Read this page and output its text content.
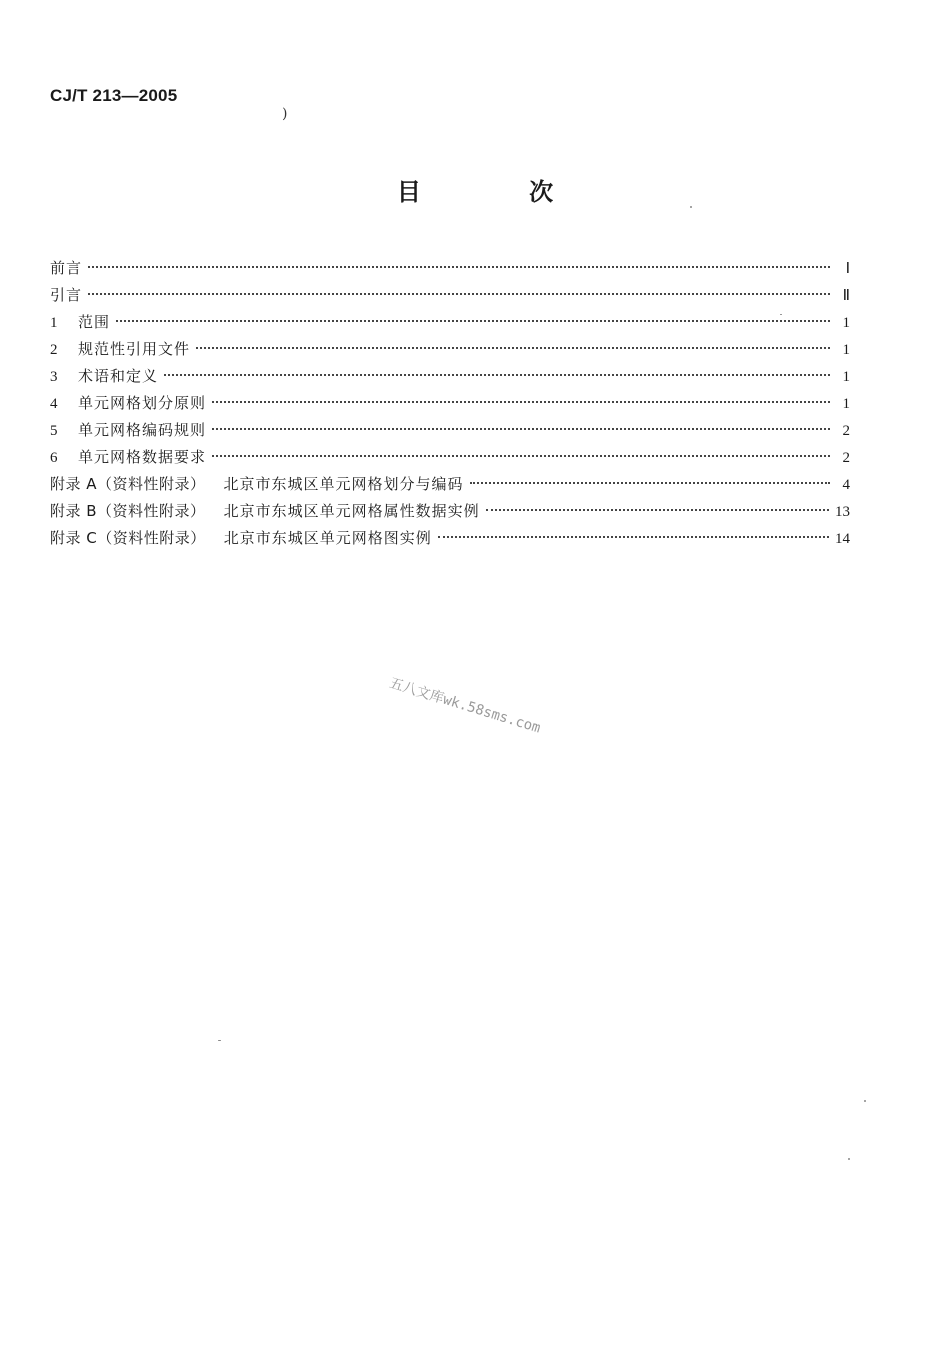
CJ/T 213—2005
)
目 次
前言	Ⅰ
引言	Ⅱ
1	范围	1
2	规范性引用文件	1
3	术语和定义	1
4	单元网格划分原则	1
5	单元网格编码规则	2
6	单元网格数据要求	2
附录 A（资料性附录） 北京市东城区单元网格划分与编码	4
附录 B（资料性附录） 北京市东城区单元网格属性数据实例	13
附录 C（资料性附录） 北京市东城区单元网格图实例	14
五八文库wk.58sms.com
